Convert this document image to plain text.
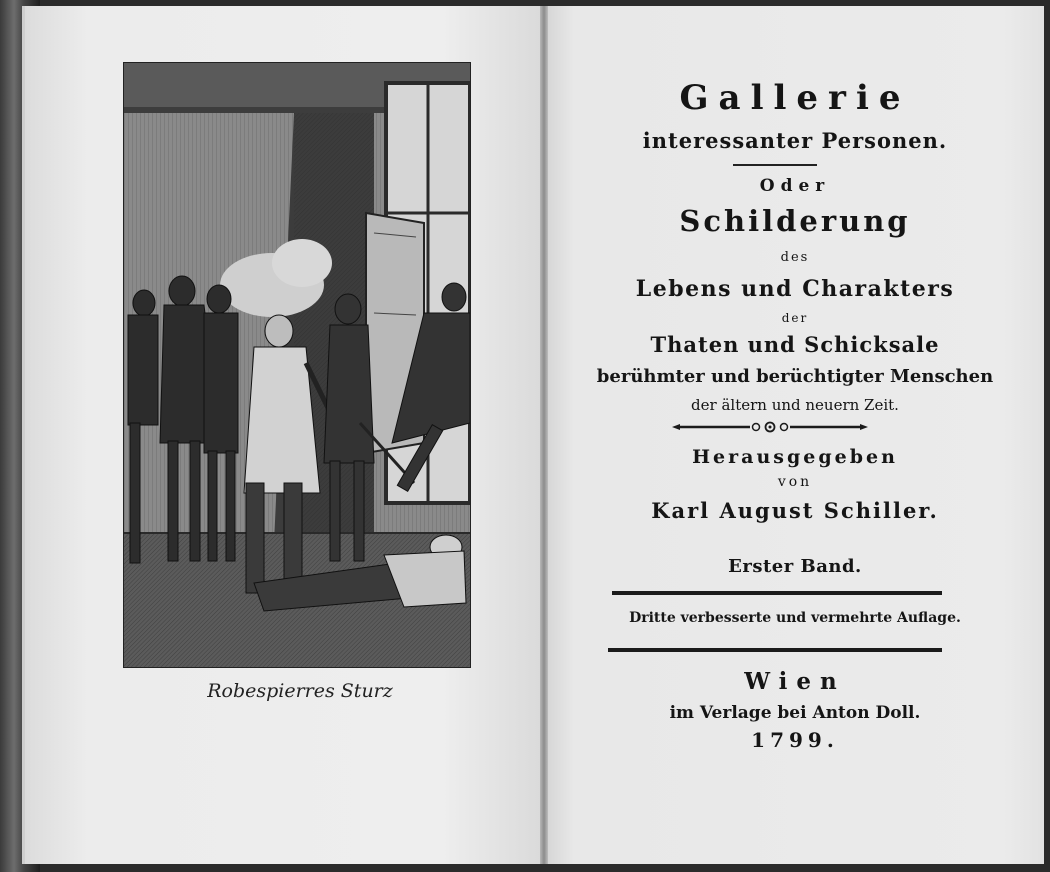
Robespierres Sturz
Gallerie
interessanter Personen.
Oder
Schilderung
des
Lebens und Charakters
der
Thaten und Schicksale
berühmter und berüchtigter Menschen
der ältern und neuern Zeit.
Herausgegeben
von
Karl August Schiller.
Erster Band.
Dritte verbesserte und vermehrte Auflage.
Wien
im Verlage bei Anton Doll.
1799.
